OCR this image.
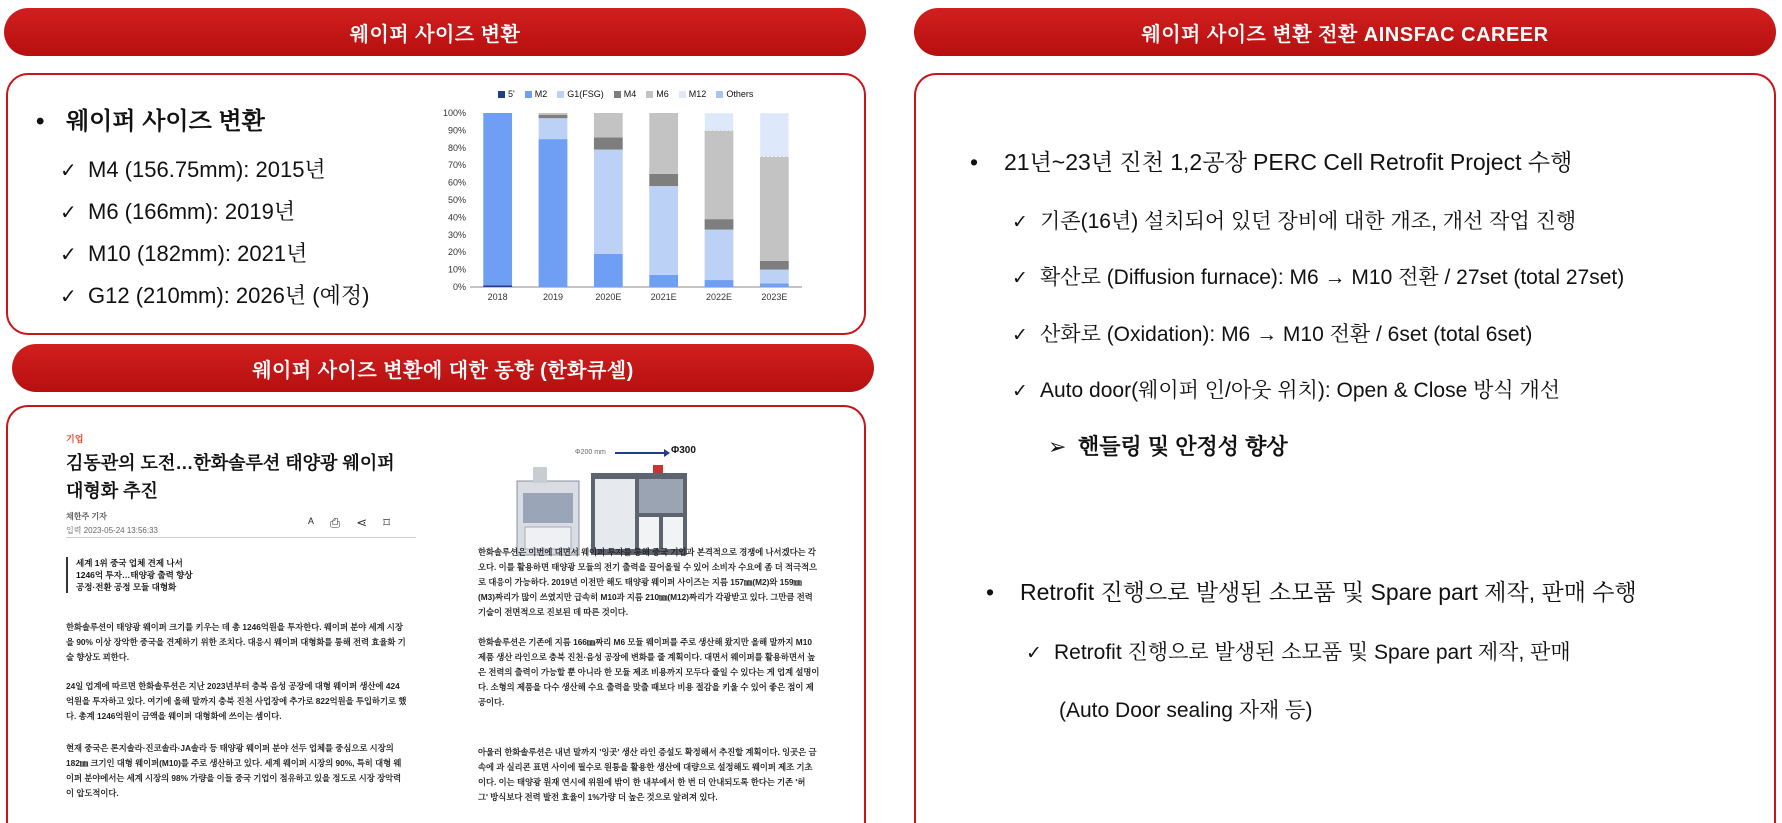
웨이퍼 사이즈 변환
• 웨이퍼 사이즈 변환
✓ M4 (156.75mm): 2015년
✓ M6 (166mm): 2019년
✓ M10 (182mm): 2021년
✓ G12 (210mm): 2026년 (예정)
5' M2 G1(FSG) M4 M6 M12 Others
0%
10%
20%
30%
40%
50%
60%
70%
80%
90%
100%
2018	2019	2020E	2021E	2022E	2023E
웨이퍼 사이즈 변환에 대한 동향 (한화큐셀)
기업
김동관의 도전…한화솔루션 태양광 웨이퍼 대형화 추진
채한주 기자
입력 2023-05-24 13:56:33
ᴬ ⎙ ⋖ ⌑
세계 1위 중국 업체 견제 나서
1246억 투자…태양광 출력 향상
공정·전환 공정 모듈 대형화
한화솔루션이 태양광 웨이퍼 크기를 키우는 데 총 1246억원을 투자한다. 웨이퍼 분야 세계 시장
을 90% 이상 장악한 중국을 견제하기 위한 조치다. 대응시 웨이퍼 대형화를 통해 전력 효율화 기
술 향상도 꾀한다.
24일 업계에 따르면 한화솔루션은 지난 2023년부터 충북 음성 공장에 대형 웨이퍼 생산에 424
억원을 투자하고 있다. 여기에 올해 말까지 충북 진천 사업장에 추가로 822억원을 투입하기로 했
다. 총계 1246억원이 금액을 웨이퍼 대형화에 쓰이는 셈이다.
현재 중국은 론지솔라·진코솔라·JA솔라 등 태양광 웨이퍼 분야 선두 업체를 중심으로 시장의
182㎜ 크기인 대형 웨이퍼(M10)를 주로 생산하고 있다. 세계 웨이퍼 시장의 90%, 특히 대형 웨
이퍼 분야에서는 세계 시장의 98% 가량을 이들 중국 기업이 점유하고 있을 정도로 시장 장악력
이 압도적이다.
Φ200 mm	Φ300
한화솔루션은 이번에 대면서 웨이퍼 투자를 통해 중국 기업과 본격적으로 경쟁에 나서겠다는 각
오다. 이를 활용하면 태양광 모듈의 전기 출력을 끌어올릴 수 있어 소비자 수요에 좀 더 적극적으
로 대응이 가능하다. 2019년 이전만 해도 태양광 웨이퍼 사이즈는 지름 157㎜(M2)와 159㎜
(M3)짜리가 많이 쓰였지만 급속히 M10과 지름 210㎜(M12)짜리가 각광받고 있다. 그만큼 전력
기술이 전면적으로 진보된 데 따른 것이다.
한화솔루션은 기존에 지름 166㎜짜리 M6 모듈 웨이퍼를 주로 생산해 왔지만 올해 말까지 M10
제품 생산 라인으로 충북 진천·음성 공장에 변화를 줄 계획이다. 대면서 웨이퍼를 활용하면서 높
은 전력의 출력이 가능할 뿐 아니라 한 모듈 제조 비용까지 모두다 줄일 수 있다는 게 업계 설명이
다. 소형의 제품을 다수 생산해 수요 출력을 맞출 때보다 비용 절감을 키울 수 있어 좋은 점이 제
공이다.
아울러 한화솔루션은 내년 말까지 '잉곳' 생산 라인 증설도 확정해서 추진할 계획이다. 잉곳은 금
속에 과 실리콘 표면 사이에 필수로 원통을 활용한 생산에 대량으로 설정해도 웨이퍼 제조 기초
이다. 이는 태양광 원재 연시에 위원에 밖이 한 내부에서 한 번 더 안내되도록 한다는 기존 '허
그' 방식보다 전력 발전 효율이 1%가량 더 높은 것으로 알려져 있다.
웨이퍼 사이즈 변환 전환 AINSFAC CAREER
• 21년~23년 진천 1,2공장 PERC Cell Retrofit Project 수행
✓ 기존(16년) 설치되어 있던 장비에 대한 개조, 개선 작업 진행
✓ 확산로 (Diffusion furnace): M6 → M10 전환 / 27set (total 27set)
✓ 산화로 (Oxidation): M6 → M10 전환 / 6set (total 6set)
✓ Auto door(웨이퍼 인/아웃 위치): Open & Close 방식 개선
➢ 핸들링 및 안정성 향상
• Retrofit 진행으로 발생된 소모품 및 Spare part 제작, 판매 수행
✓ Retrofit 진행으로 발생된 소모품 및 Spare part 제작, 판매
(Auto Door sealing 자재 등)
